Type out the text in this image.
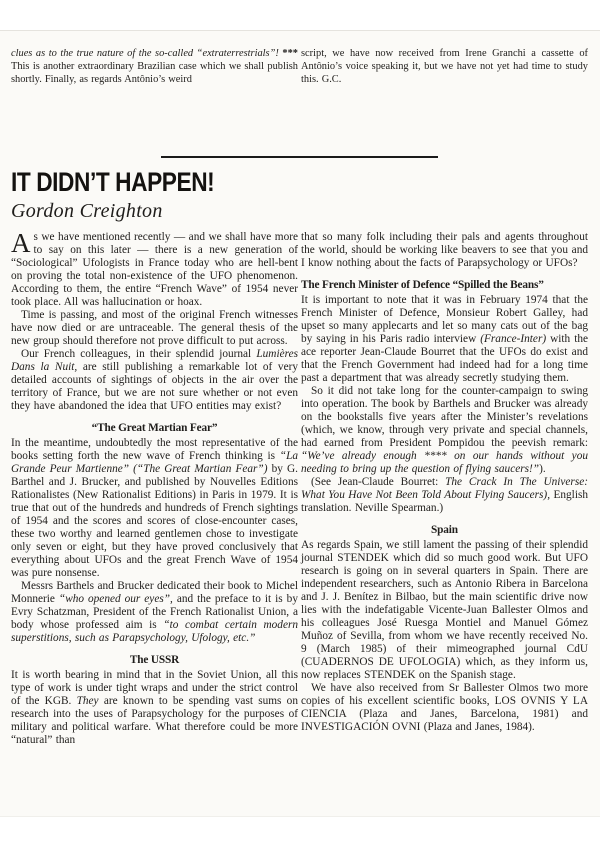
clues as to the true nature of the so-called “extraterrestrials”! *** This is another extraordinary Brazilian case which we shall publish shortly. Finally, as regards Antônio’s weird

script, we have now received from Irene Granchi a cassette of Antônio’s voice speaking it, but we have not yet had time to study this. G.C.

IT DIDN’T HAPPEN!
Gordon Creighton

As we have mentioned recently — and we shall have more to say on this later — there is a new generation of “Sociological” Ufologists in France today who are hell-bent on proving the total non-existence of the UFO phenomenon. According to them, the entire “French Wave” of 1954 never took place. All was hallucination or hoax.

Time is passing, and most of the original French witnesses have now died or are untraceable. The general thesis of the new group should therefore not prove difficult to put across.

Our French colleagues, in their splendid journal Lumières Dans la Nuit, are still publishing a remarkable lot of very detailed accounts of sightings of objects in the air over the territory of France, but we are not sure whether or not even they have abandoned the idea that UFO entities may exist?

“The Great Martian Fear”

In the meantime, undoubtedly the most representative of the books setting forth the new wave of French thinking is “La Grande Peur Martienne” (“The Great Martian Fear”) by G. Barthel and J. Brucker, and published by Nouvelles Editions Rationalistes (New Rationalist Editions) in Paris in 1979. It is true that out of the hundreds and hundreds of French sightings of 1954 and the scores and scores of close-encounter cases, these two worthy and learned gentlemen chose to investigate only seven or eight, but they have proved conclusively that everything about UFOs and the great French Wave of 1954 was pure nonsense.

Messrs Barthels and Brucker dedicated their book to Michel Monnerie “who opened our eyes”, and the preface to it is by Evry Schatzman, President of the French Rationalist Union, a body whose professed aim is “to combat certain modern superstitions, such as Parapsychology, Ufology, etc.”

The USSR

It is worth bearing in mind that in the Soviet Union, all this type of work is under tight wraps and under the strict control of the KGB. They are known to be spending vast sums on research into the uses of Parapsychology for the purposes of military and political warfare. What therefore could be more “natural” than

that so many folk including their pals and agents throughout the world, should be working like beavers to see that you and I know nothing about the facts of Parapsychology or UFOs?

The French Minister of Defence “Spilled the Beans”

It is important to note that it was in February 1974 that the French Minister of Defence, Monsieur Robert Galley, had upset so many applecarts and let so many cats out of the bag by saying in his Paris radio interview (France-Inter) with the ace reporter Jean-Claude Bourret that the UFOs do exist and that the French Government had indeed had for a long time past a department that was already secretly studying them.

So it did not take long for the counter-campaign to swing into operation. The book by Barthels and Brucker was already on the bookstalls five years after the Minister’s revelations (which, we know, through very private and special channels, had earned from President Pompidou the peevish remark: “We’ve already enough **** on our hands without you needing to bring up the question of flying saucers!”).

(See Jean-Claude Bourret: The Crack In The Universe: What You Have Not Been Told About Flying Saucers), English translation. Neville Spearman.)

Spain

As regards Spain, we still lament the passing of their splendid journal STENDEK which did so much good work. But UFO research is going on in several quarters in Spain. There are independent researchers, such as Antonio Ribera in Barcelona and J. J. Benítez in Bilbao, but the main scientific drive now lies with the indefatigable Vicente-Juan Ballester Olmos and his colleagues José Ruesga Montiel and Manuel Gómez Muñoz of Sevilla, from whom we have recently received No. 9 (March 1985) of their mimeographed journal CdU (CUADERNOS DE UFOLOGIA) which, as they inform us, now replaces STENDEK on the Spanish stage.

We have also received from Sr Ballester Olmos two more copies of his excellent scientific books, LOS OVNIS Y LA CIENCIA (Plaza and Janes, Barcelona, 1981) and INVESTIGACIÓN OVNI (Plaza and Janes, 1984).
